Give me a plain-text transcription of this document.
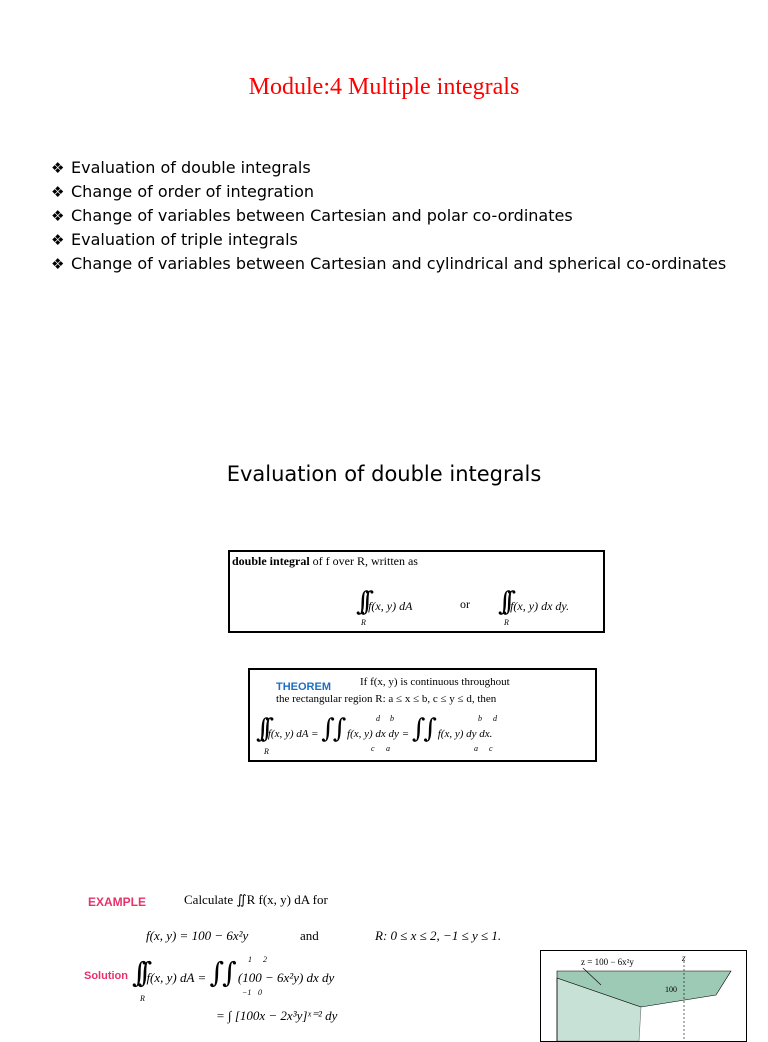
Module:4 Multiple integrals
❖ Evaluation of double integrals
❖ Change of order of integration
❖ Change of variables between Cartesian and polar co-ordinates
❖ Evaluation of triple integrals
❖ Change of variables between Cartesian and cylindrical and spherical co-ordinates
Evaluation of double integrals
double integral of f over R, written as
∫∫ f(x, y) dA
R
or ∫∫ f(x, y) dx dy.
R
THEOREM	If f(x, y) is continuous throughout
the rectangular region R: a ≤ x ≤ b, c ≤ y ≤ d, then
∫∫ f(x, y) dA = ∫∫ f(x, y) dx dy = ∫∫ f(x, y) dy dx.
R
d
c
b
a
b
a
d
c
EXAMPLE	Calculate ∬R f(x, y) dA for
f(x, y) = 100 − 6x²y	and	R: 0 ≤ x ≤ 2, −1 ≤ y ≤ 1.
Solution ∫∫ f(x, y) dA = ∫∫ (100 − 6x²y) dx dy
R
1
−1
2
0
= ∫ [100x − 2x³y]ˣ⁼² dy
z = 100 − 6x²y	z
100
